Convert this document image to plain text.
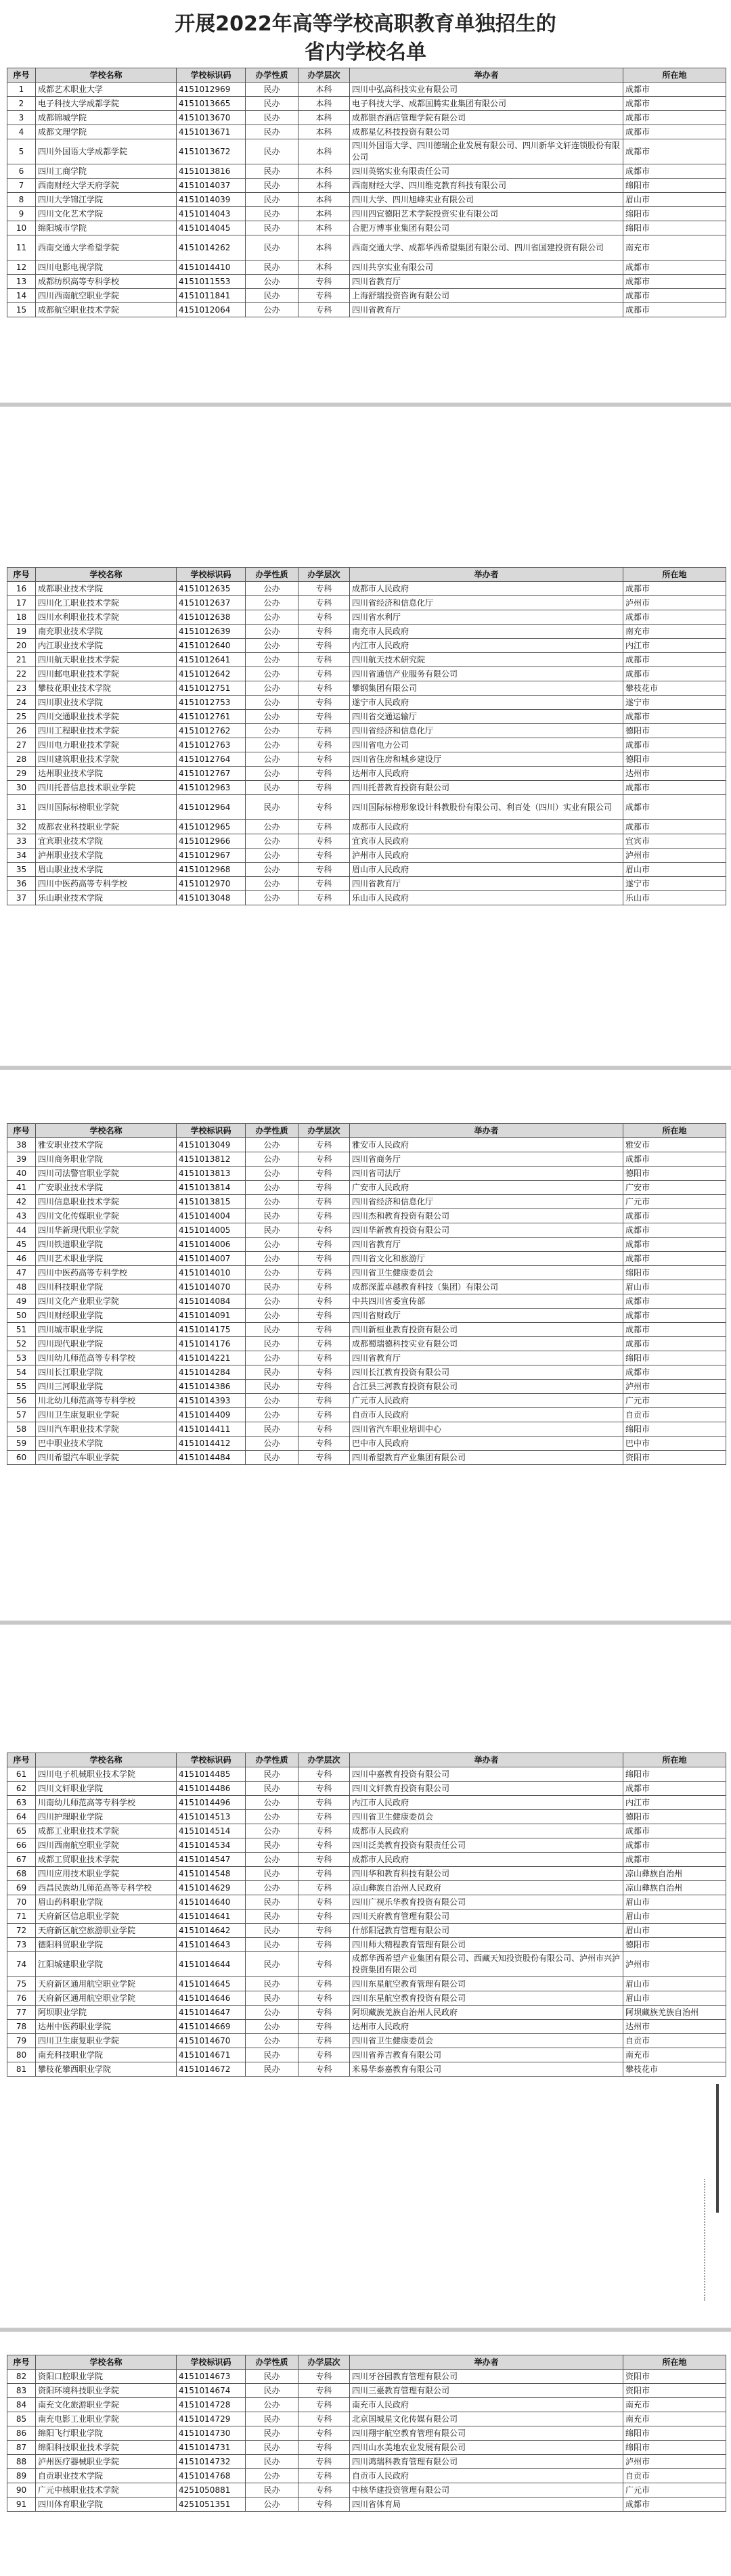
开展2022年高等学校高职教育单独招生的
省内学校名单
序号	学校名称	学校标识码	办学性质	办学层次	举办者	所在地
1	成都艺术职业大学	4151012969	民办	本科	四川中弘高科技实业有限公司	成都市
2	电子科技大学成都学院	4151013665	民办	本科	电子科技大学、成都国腾实业集团有限公司	成都市
3	成都锦城学院	4151013670	民办	本科	成都银杏酒店管理学院有限公司	成都市
4	成都文理学院	4151013671	民办	本科	成都星亿科技投资有限公司	成都市
5	四川外国语大学成都学院	4151013672	民办	本科	四川外国语大学、四川德瑞企业发展有限公司、四川新华文轩连锁股份有限公司	成都市
6	四川工商学院	4151013816	民办	本科	四川英铭实业有限责任公司	成都市
7	西南财经大学天府学院	4151014037	民办	本科	西南财经大学、四川维克教育科技有限公司	绵阳市
8	四川大学锦江学院	4151014039	民办	本科	四川大学、四川旭峰实业有限公司	眉山市
9	四川文化艺术学院	4151014043	民办	本科	四川四宜德阳艺术学院投资实业有限公司	绵阳市
10	绵阳城市学院	4151014045	民办	本科	合肥万博事业集团有限公司	绵阳市
11	西南交通大学希望学院	4151014262	民办	本科	西南交通大学、成都华西希望集团有限公司、四川省国建投资有限公司	南充市
12	四川电影电视学院	4151014410	民办	本科	四川共享实业有限公司	成都市
13	成都纺织高等专科学校	4151011553	公办	专科	四川省教育厅	成都市
14	四川西南航空职业学院	4151011841	民办	专科	上海舒瑞投资咨询有限公司	成都市
15	成都航空职业技术学院	4151012064	公办	专科	四川省教育厅	成都市
序号	学校名称	学校标识码	办学性质	办学层次	举办者	所在地
16	成都职业技术学院	4151012635	公办	专科	成都市人民政府	成都市
17	四川化工职业技术学院	4151012637	公办	专科	四川省经济和信息化厅	泸州市
18	四川水利职业技术学院	4151012638	公办	专科	四川省水利厅	成都市
19	南充职业技术学院	4151012639	公办	专科	南充市人民政府	南充市
20	内江职业技术学院	4151012640	公办	专科	内江市人民政府	内江市
21	四川航天职业技术学院	4151012641	公办	专科	四川航天技术研究院	成都市
22	四川邮电职业技术学院	4151012642	公办	专科	四川省通信产业服务有限公司	成都市
23	攀枝花职业技术学院	4151012751	公办	专科	攀钢集团有限公司	攀枝花市
24	四川职业技术学院	4151012753	公办	专科	遂宁市人民政府	遂宁市
25	四川交通职业技术学院	4151012761	公办	专科	四川省交通运输厅	成都市
26	四川工程职业技术学院	4151012762	公办	专科	四川省经济和信息化厅	德阳市
27	四川电力职业技术学院	4151012763	公办	专科	四川省电力公司	成都市
28	四川建筑职业技术学院	4151012764	公办	专科	四川省住房和城乡建设厅	德阳市
29	达州职业技术学院	4151012767	公办	专科	达州市人民政府	达州市
30	四川托普信息技术职业学院	4151012963	民办	专科	四川托普教育投资有限公司	成都市
31	四川国际标榜职业学院	4151012964	民办	专科	四川国际标榜形象设计科教股份有限公司、利百处（四川）实业有限公司	成都市
32	成都农业科技职业学院	4151012965	公办	专科	成都市人民政府	成都市
33	宜宾职业技术学院	4151012966	公办	专科	宜宾市人民政府	宜宾市
34	泸州职业技术学院	4151012967	公办	专科	泸州市人民政府	泸州市
35	眉山职业技术学院	4151012968	公办	专科	眉山市人民政府	眉山市
36	四川中医药高等专科学校	4151012970	公办	专科	四川省教育厅	遂宁市
37	乐山职业技术学院	4151013048	公办	专科	乐山市人民政府	乐山市
序号	学校名称	学校标识码	办学性质	办学层次	举办者	所在地
38	雅安职业技术学院	4151013049	公办	专科	雅安市人民政府	雅安市
39	四川商务职业学院	4151013812	公办	专科	四川省商务厅	成都市
40	四川司法警官职业学院	4151013813	公办	专科	四川省司法厅	德阳市
41	广安职业技术学院	4151013814	公办	专科	广安市人民政府	广安市
42	四川信息职业技术学院	4151013815	公办	专科	四川省经济和信息化厅	广元市
43	四川文化传媒职业学院	4151014004	民办	专科	四川杰和教育投资有限公司	成都市
44	四川华新现代职业学院	4151014005	民办	专科	四川华新教育投资有限公司	成都市
45	四川铁道职业学院	4151014006	公办	专科	四川省教育厅	成都市
46	四川艺术职业学院	4151014007	公办	专科	四川省文化和旅游厅	成都市
47	四川中医药高等专科学校	4151014010	公办	专科	四川省卫生健康委员会	绵阳市
48	四川科技职业学院	4151014070	民办	专科	成都深蓝卓越教育科技（集团）有限公司	眉山市
49	四川文化产业职业学院	4151014084	公办	专科	中共四川省委宣传部	成都市
50	四川财经职业学院	4151014091	公办	专科	四川省财政厅	成都市
51	四川城市职业学院	4151014175	民办	专科	四川新桓业教育投资有限公司	成都市
52	四川现代职业学院	4151014176	民办	专科	成都蜀瑞德科技实业有限公司	成都市
53	四川幼儿师范高等专科学校	4151014221	公办	专科	四川省教育厅	绵阳市
54	四川长江职业学院	4151014284	民办	专科	四川长江教育投资有限公司	成都市
55	四川三河职业学院	4151014386	民办	专科	合江县三河教育投资有限公司	泸州市
56	川北幼儿师范高等专科学校	4151014393	公办	专科	广元市人民政府	广元市
57	四川卫生康复职业学院	4151014409	公办	专科	自贡市人民政府	自贡市
58	四川汽车职业技术学院	4151014411	民办	专科	四川省汽车职业培训中心	绵阳市
59	巴中职业技术学院	4151014412	公办	专科	巴中市人民政府	巴中市
60	四川希望汽车职业学院	4151014484	民办	专科	四川希望教育产业集团有限公司	资阳市
序号	学校名称	学校标识码	办学性质	办学层次	举办者	所在地
61	四川电子机械职业技术学院	4151014485	民办	专科	四川中嘉教育投资有限公司	绵阳市
62	四川文轩职业学院	4151014486	民办	专科	四川文轩教育投资有限公司	成都市
63	川南幼儿师范高等专科学校	4151014496	公办	专科	内江市人民政府	内江市
64	四川护理职业学院	4151014513	公办	专科	四川省卫生健康委员会	德阳市
65	成都工业职业技术学院	4151014514	公办	专科	成都市人民政府	成都市
66	四川西南航空职业学院	4151014534	民办	专科	四川泛美教育投资有限责任公司	成都市
67	成都工贸职业技术学院	4151014547	公办	专科	成都市人民政府	成都市
68	四川应用技术职业学院	4151014548	民办	专科	四川华和教育科技有限公司	凉山彝族自治州
69	西昌民族幼儿师范高等专科学校	4151014629	公办	专科	凉山彝族自治州人民政府	凉山彝族自治州
70	眉山药科职业学院	4151014640	民办	专科	四川广视乐华教育投资有限公司	眉山市
71	天府新区信息职业学院	4151014641	民办	专科	四川天府教育管理有限公司	眉山市
72	天府新区航空旅游职业学院	4151014642	民办	专科	什邡阳冠教育管理有限公司	眉山市
73	德阳科贸职业学院	4151014643	民办	专科	四川师大精程教育管理有限公司	德阳市
74	江阳城建职业学院	4151014644	民办	专科	成都华西希望产业集团有限公司、西藏天知投资股份有限公司、泸州市兴泸投资集团有限公司	泸州市
75	天府新区通用航空职业学院	4151014645	民办	专科	四川东星航空教育管理有限公司	眉山市
76	天府新区通用航空职业学院	4151014646	民办	专科	四川东星航空教育投资有限公司	眉山市
77	阿坝职业学院	4151014647	公办	专科	阿坝藏族羌族自治州人民政府	阿坝藏族羌族自治州
78	达州中医药职业学院	4151014669	公办	专科	达州市人民政府	达州市
79	四川卫生康复职业学院	4151014670	公办	专科	四川省卫生健康委员会	自贡市
80	南充科技职业学院	4151014671	民办	专科	四川省养吉教育有限公司	南充市
81	攀枝花攀西职业学院	4151014672	民办	专科	米易华泰嘉教育有限公司	攀枝花市
序号	学校名称	学校标识码	办学性质	办学层次	举办者	所在地
82	资阳口腔职业学院	4151014673	民办	专科	四川牙谷园教育管理有限公司	资阳市
83	资阳环境科技职业学院	4151014674	民办	专科	四川三臺教育管理有限公司	资阳市
84	南充文化旅游职业学院	4151014728	公办	专科	南充市人民政府	南充市
85	南充电影工业职业学院	4151014729	民办	专科	北京国城星文化传媒有限公司	南充市
86	绵阳飞行职业学院	4151014730	民办	专科	四川翔宇航空教育管理有限公司	绵阳市
87	绵阳科技职业技术学院	4151014731	民办	专科	四川山水美地农业发展有限公司	绵阳市
88	泸州医疗器械职业学院	4151014732	民办	专科	四川鸿瑞科教育管理有限公司	泸州市
89	自贡职业技术学院	4151014768	公办	专科	自贡市人民政府	自贡市
90	广元中核职业技术学院	4251050881	民办	专科	中核华建投资管理有限公司	广元市
91	四川体育职业学院	4251051351	公办	专科	四川省体育局	成都市
